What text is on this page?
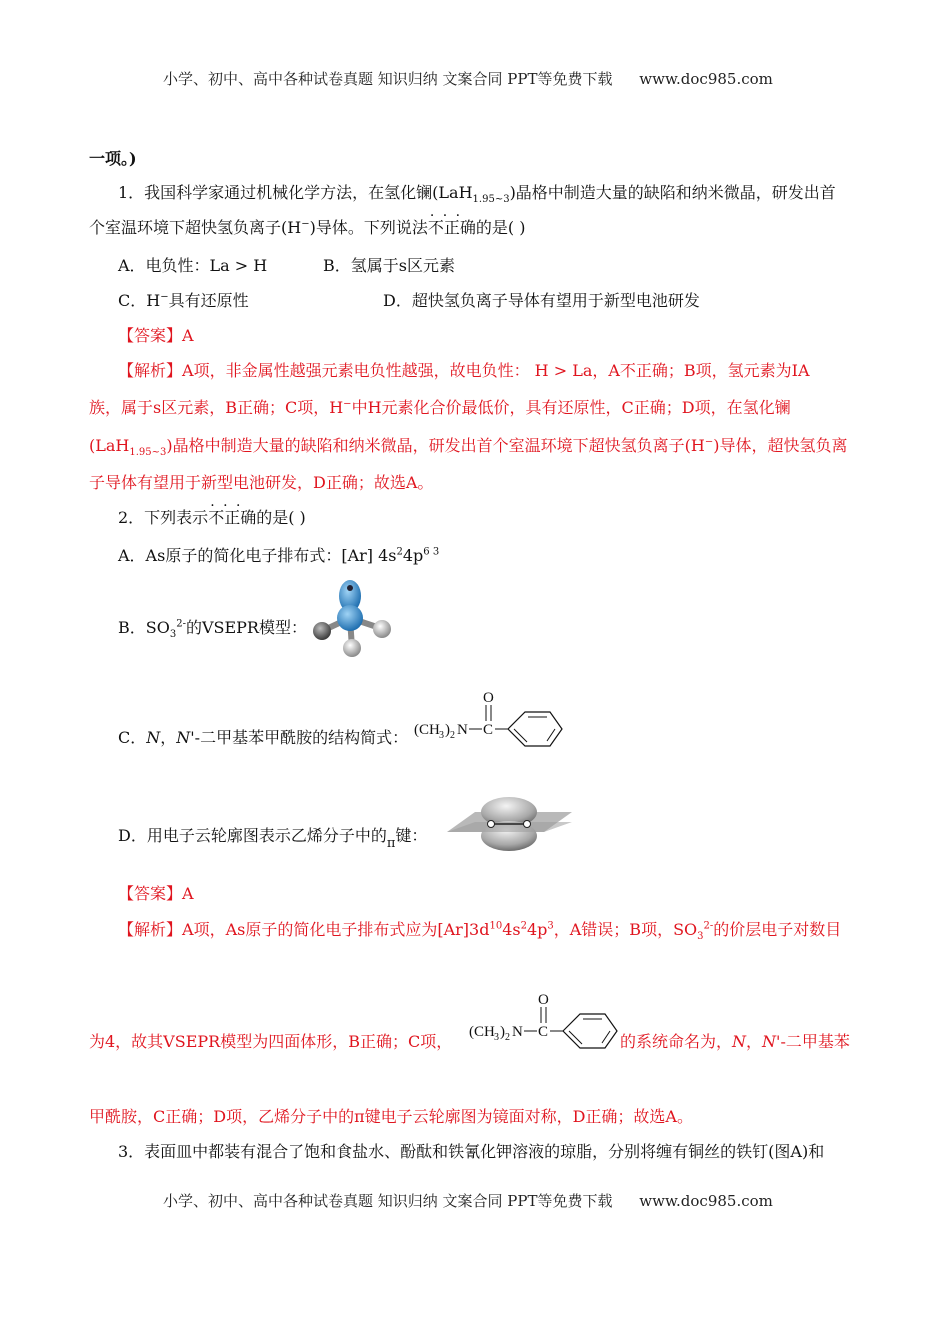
小学、初中、高中各种试卷真题 知识归纳 文案合同 PPT等免费下载 www.doc985.com
一项。)
1．我国科学家通过机械化学方法，在氢化镧(LaH$_{1.95\sim 3}$)晶格中制造大量的缺陷和纳米微晶，研发出首
个室温环境下超快氢负离子(H−)导体。下列说法· · · 不正确的是( )
A．电负性：La > H	B．氢属于s区元素
C．H−具有还原性	D．超快氢负离子导体有望用于新型电池研发
【答案】A
【解析】A项，非金属性越强元素电负性越强，故电负性： H > La，A不正确；B项，氢元素为ⅠA
族，属于s区元素，B正确；C项，H−中H元素化合价最低价，具有还原性，C正确；D项，在氢化镧
(LaH$_{1.95\sim 3}$)晶格中制造大量的缺陷和纳米微晶，研发出首个室温环境下超快氢负离子(H−)导体，超快氢负离
子导体有望用于新型电池研发，D正确；故选A。
2．下列表示· · · 不正确的是( )
A．As原子的简化电子排布式：[Ar] $4s^24p^{6 3}$
B．$SO_3^{2-}$的VSEPR模型：
C．N，N'-二甲基苯甲酰胺的结构简式： (CH 3 ) 2 N C
O
D．用电子云轮廓图表示乙烯分子中的$_\pi$键：
【答案】A
【解析】A项，As原子的简化电子排布式应为$[Ar]3d^{10}4s^24p^3$，A错误；B项，$SO_3^{2-}$的价层电子对数目
为4，故其VSEPR模型为四面体形，B正确；C项， (CH 3 ) 2 N C
O
的系统命名为，N，N'-二甲基苯
甲酰胺，C正确；D项，乙烯分子中的π键电子云轮廓图为镜面对称，D正确；故选A。
3．表面皿中都装有混合了饱和食盐水、酚酞和铁氰化钾溶液的琼脂，分别将缠有铜丝的铁钉(图A)和
小学、初中、高中各种试卷真题 知识归纳 文案合同 PPT等免费下载 www.doc985.com
